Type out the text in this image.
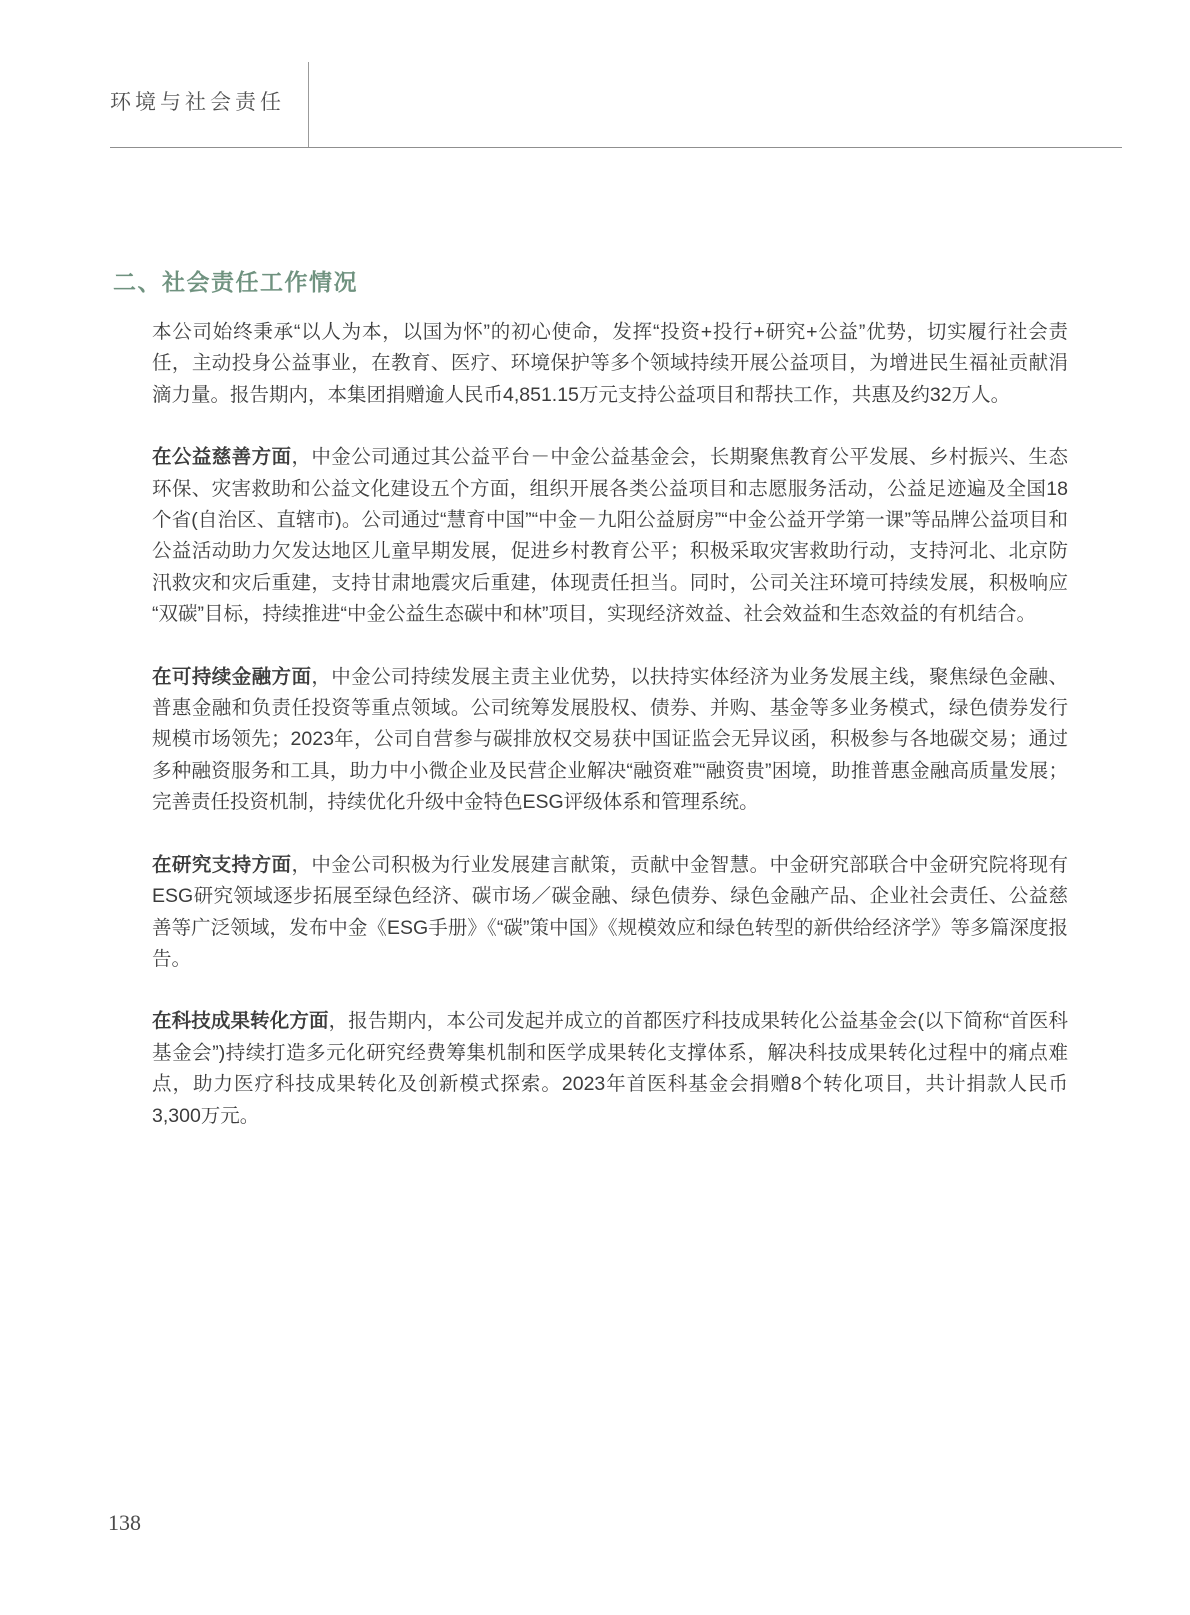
环境与社会责任
二、社会责任工作情况

本公司始终秉承“以人为本，以国为怀”的初心使命，发挥“投资+投行+研究+公益”优势，切实履行社会责任，主动投身公益事业，在教育、医疗、环境保护等多个领域持续开展公益项目，为增进民生福祉贡献涓滴力量。报告期内，本集团捐赠逾人民币4,851.15万元支持公益项目和帮扶工作，共惠及约32万人。

在公益慈善方面，中金公司通过其公益平台－中金公益基金会，长期聚焦教育公平发展、乡村振兴、生态环保、灾害救助和公益文化建设五个方面，组织开展各类公益项目和志愿服务活动，公益足迹遍及全国18个省(自治区、直辖市)。公司通过“慧育中国”“中金－九阳公益厨房”“中金公益开学第一课”等品牌公益项目和公益活动助力欠发达地区儿童早期发展，促进乡村教育公平；积极采取灾害救助行动，支持河北、北京防汛救灾和灾后重建，支持甘肃地震灾后重建，体现责任担当。同时，公司关注环境可持续发展，积极响应“双碳”目标，持续推进“中金公益生态碳中和林”项目，实现经济效益、社会效益和生态效益的有机结合。

在可持续金融方面，中金公司持续发展主责主业优势，以扶持实体经济为业务发展主线，聚焦绿色金融、普惠金融和负责任投资等重点领域。公司统筹发展股权、债券、并购、基金等多业务模式，绿色债券发行规模市场领先；2023年，公司自营参与碳排放权交易获中国证监会无异议函，积极参与各地碳交易；通过多种融资服务和工具，助力中小微企业及民营企业解决“融资难”“融资贵”困境，助推普惠金融高质量发展；完善责任投资机制，持续优化升级中金特色ESG评级体系和管理系统。

在研究支持方面，中金公司积极为行业发展建言献策，贡献中金智慧。中金研究部联合中金研究院将现有ESG研究领域逐步拓展至绿色经济、碳市场／碳金融、绿色债券、绿色金融产品、企业社会责任、公益慈善等广泛领域，发布中金《ESG手册》《“碳”策中国》《规模效应和绿色转型的新供给经济学》等多篇深度报告。

在科技成果转化方面，报告期内，本公司发起并成立的首都医疗科技成果转化公益基金会(以下简称“首医科基金会”)持续打造多元化研究经费筹集机制和医学成果转化支撑体系，解决科技成果转化过程中的痛点难点，助力医疗科技成果转化及创新模式探索。2023年首医科基金会捐赠8个转化项目，共计捐款人民币3,300万元。

138
